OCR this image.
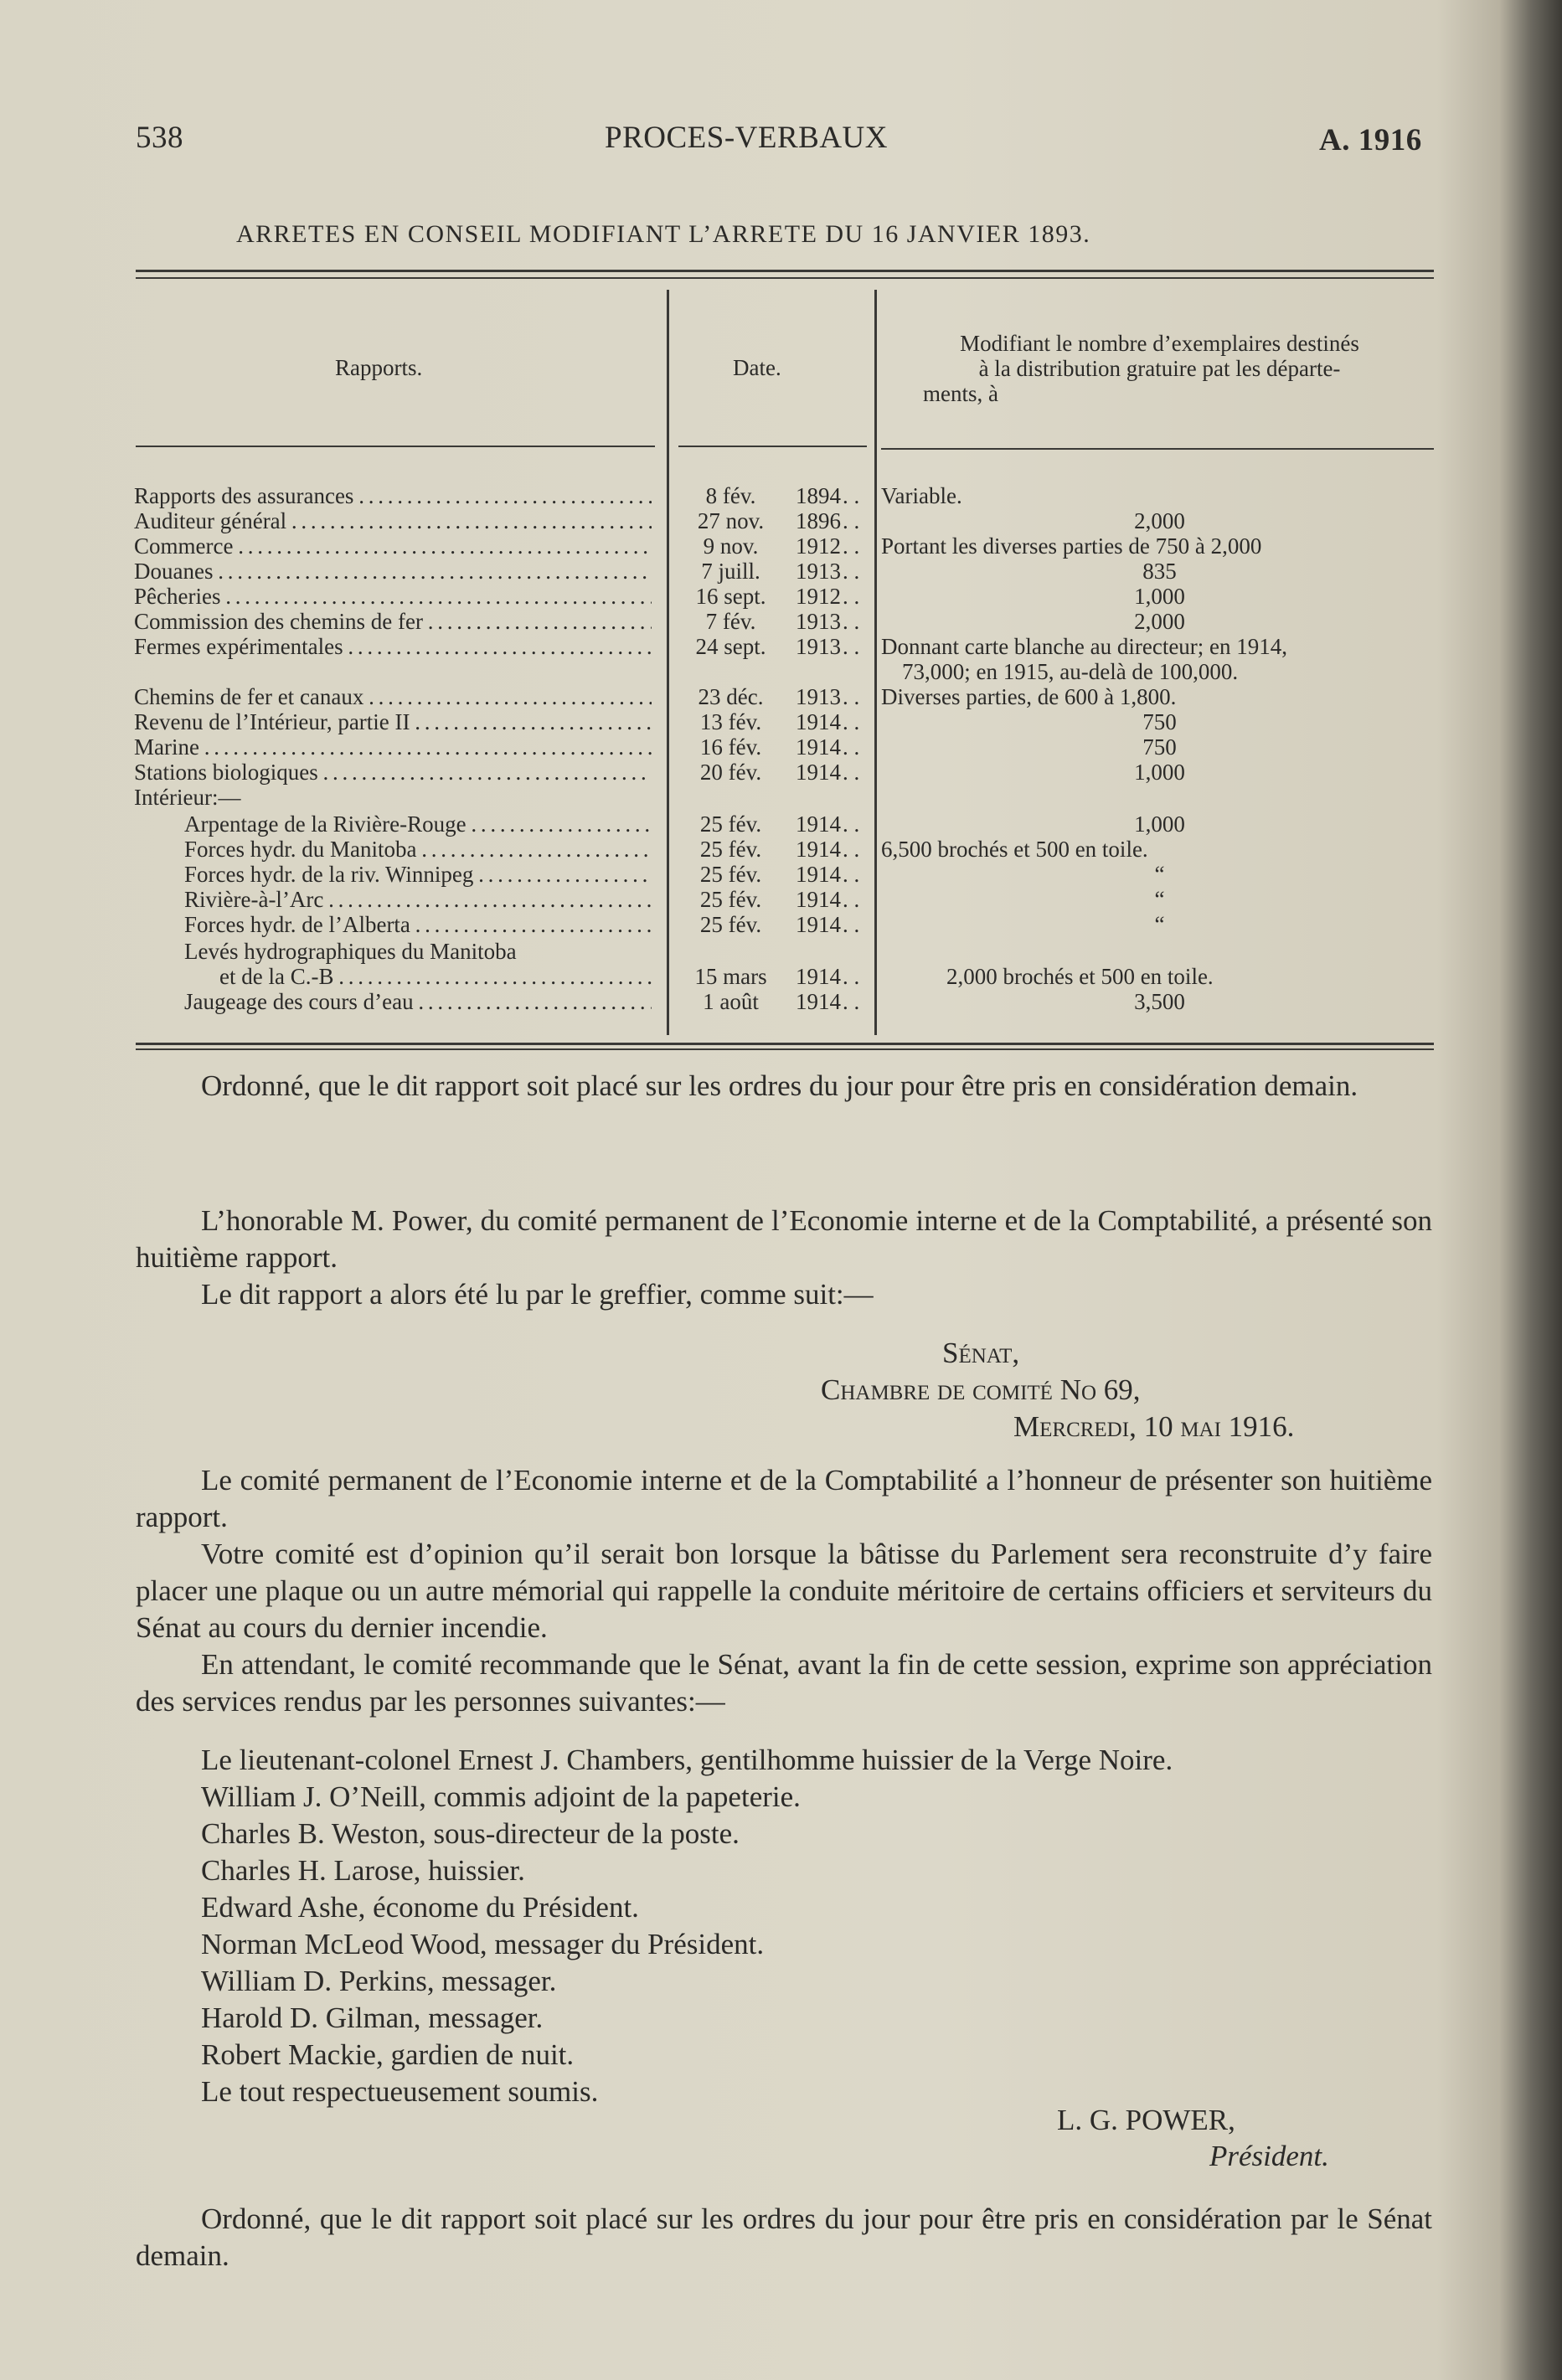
538	PROCES-VERBAUX	A. 1916
ARRETES EN CONSEIL MODIFIANT L’ARRETE DU 16 JANVIER 1893.
Rapports.	Date.
Modifiant le nombre d’exemplaires destinés
à la distribution gratuire pat les départe-
ments, à
Rapports des assurances . . .	8 fév.	1894 . .	Variable.
Auditeur général . . .	27 nov.	1896 . .	2,000
Commerce . . .	9 nov.	1912 . .	Portant les diverses parties de 750 à 2,000
Douanes . . .	7 juill.	1913 . .	835
Pêcheries . . .	16 sept.	1912 . .	1,000
Commission des chemins de fer . . .	7 fév.	1913 . .	2,000
Fermes expérimentales . . .	24 sept.	1913 . .	Donnant carte blanche au directeur; en 1914,
73,000; en 1915, au-delà de 100,000.
Chemins de fer et canaux . . .	23 déc.	1913 . .	Diverses parties, de 600 à 1,800.
Revenu de l’Intérieur, partie II . . .	13 fév.	1914 . .	750
Marine . . .	16 fév.	1914 . .	750
Stations biologiques . . .	20 fév.	1914 . .	1,000
Intérieur:—
Arpentage de la Rivière-Rouge . . .	25 fév.	1914 . .	1,000
Forces hydr. du Manitoba . . .	25 fév.	1914 . .	6,500 brochés et 500 en toile.
Forces hydr. de la riv. Winnipeg . . .	25 fév.	1914 . .	“
Rivière-à-l’Arc . . .	25 fév.	1914 . .	“
Forces hydr. de l’Alberta . . .	25 fév.	1914 . .	“
Levés hydrographiques du Manitoba
et de la C.-B . . .	15 mars	1914 . .	2,000 brochés et 500 en toile.
Jaugeage des cours d’eau . . .	1 août	1914 . .	3,500
Ordonné, que le dit rapport soit placé sur les ordres du jour pour être pris en considération demain.
L’honorable M. Power, du comité permanent de l’Economie interne et de la Comptabilité, a présenté son huitième rapport.
Le dit rapport a alors été lu par le greffier, comme suit:—
Sénat,
Chambre de comité No 69,
Mercredi, 10 mai 1916.
Le comité permanent de l’Economie interne et de la Comptabilité a l’honneur de présenter son huitième rapport.
Votre comité est d’opinion qu’il serait bon lorsque la bâtisse du Parlement sera reconstruite d’y faire placer une plaque ou un autre mémorial qui rappelle la conduite méritoire de certains officiers et serviteurs du Sénat au cours du dernier incendie.
En attendant, le comité recommande que le Sénat, avant la fin de cette session, exprime son appréciation des services rendus par les personnes suivantes:—
Le lieutenant-colonel Ernest J. Chambers, gentilhomme huissier de la Verge Noire.
William J. O’Neill, commis adjoint de la papeterie.
Charles B. Weston, sous-directeur de la poste.
Charles H. Larose, huissier.
Edward Ashe, économe du Président.
Norman McLeod Wood, messager du Président.
William D. Perkins, messager.
Harold D. Gilman, messager.
Robert Mackie, gardien de nuit.
Le tout respectueusement soumis.
L. G. POWER,
Président.
Ordonné, que le dit rapport soit placé sur les ordres du jour pour être pris en considération par le Sénat demain.
